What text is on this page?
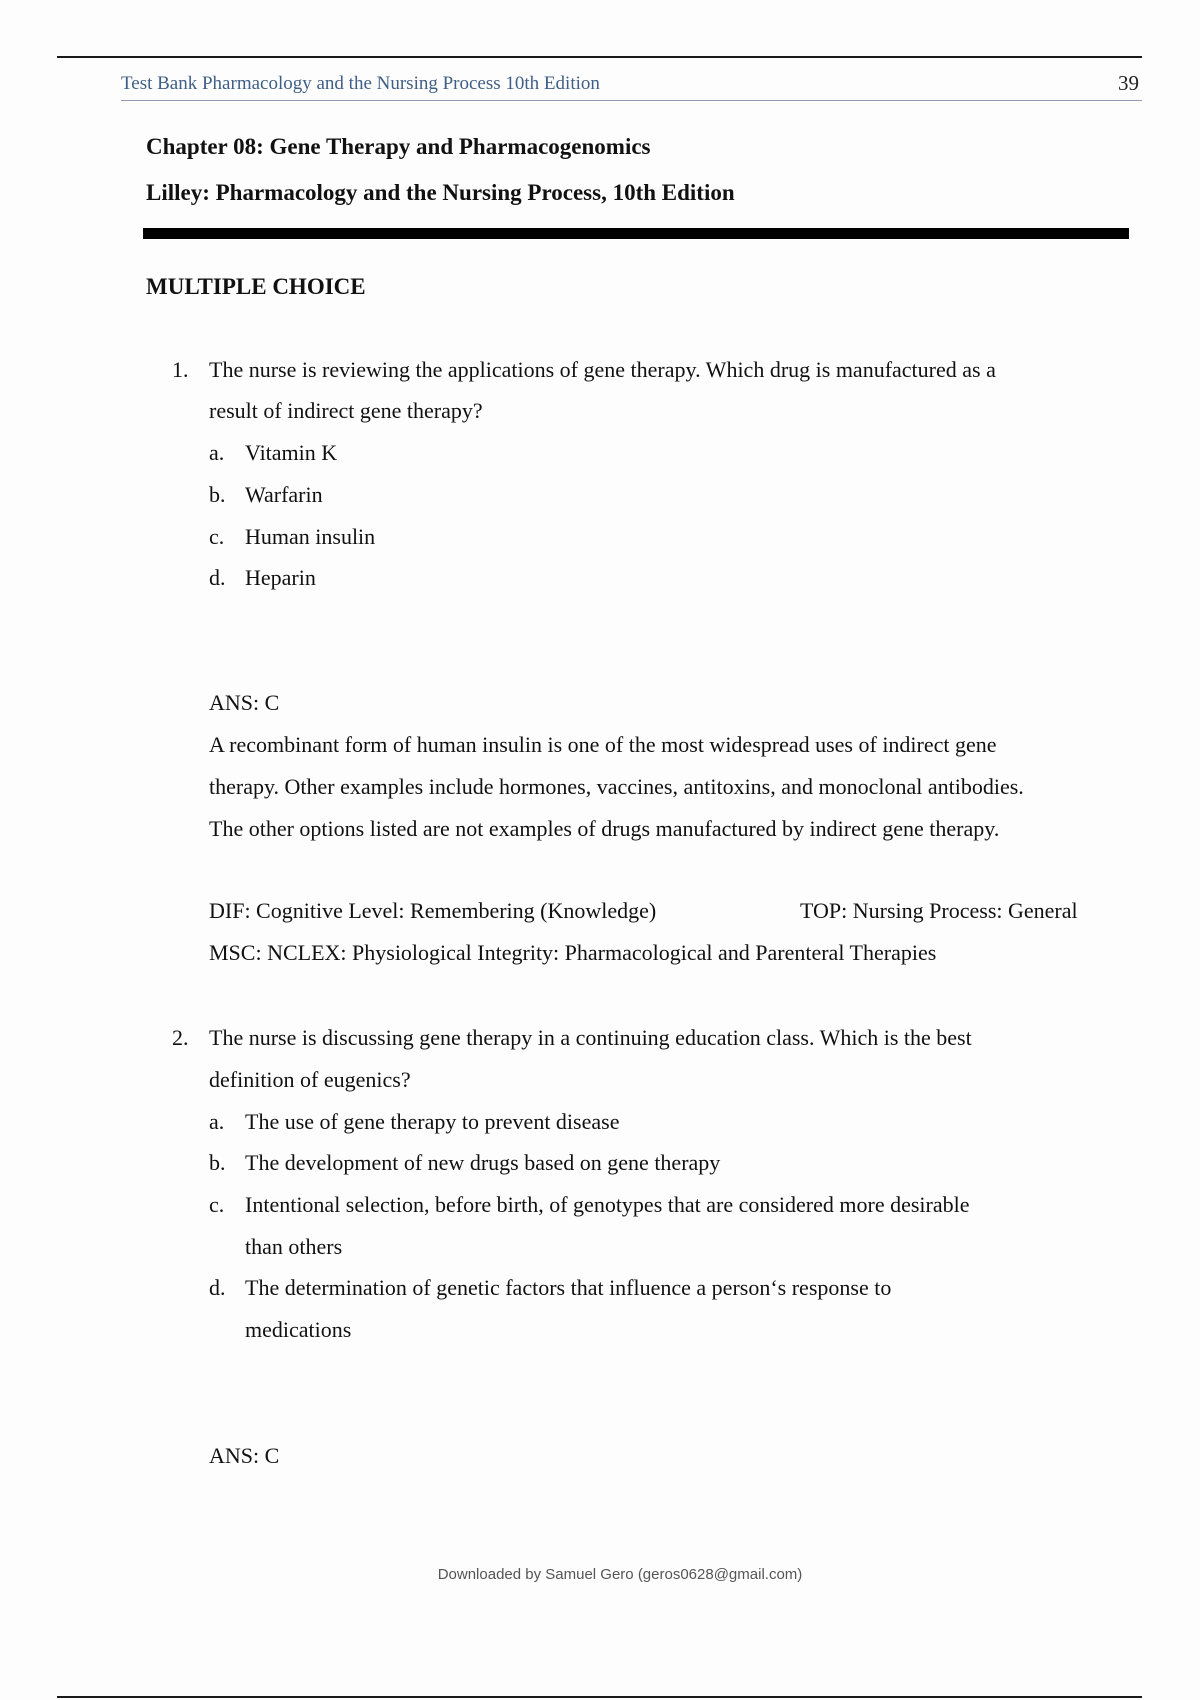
Test Bank Pharmacology and the Nursing Process 10th Edition	39
Chapter 08: Gene Therapy and Pharmacogenomics
Lilley: Pharmacology and the Nursing Process, 10th Edition
MULTIPLE CHOICE
1. The nurse is reviewing the applications of gene therapy. Which drug is manufactured as a
result of indirect gene therapy?
a. Vitamin K
b. Warfarin
c. Human insulin
d. Heparin
ANS: C
A recombinant form of human insulin is one of the most widespread uses of indirect gene
therapy. Other examples include hormones, vaccines, antitoxins, and monoclonal antibodies.
The other options listed are not examples of drugs manufactured by indirect gene therapy.
DIF: Cognitive Level: Remembering (Knowledge)	TOP: Nursing Process: General
MSC: NCLEX: Physiological Integrity: Pharmacological and Parenteral Therapies
2. The nurse is discussing gene therapy in a continuing education class. Which is the best
definition of eugenics?
a. The use of gene therapy to prevent disease
b. The development of new drugs based on gene therapy
c. Intentional selection, before birth, of genotypes that are considered more desirable
than others
d. The determination of genetic factors that influence a person‘s response to
medications
ANS: C
Downloaded by Samuel Gero (geros0628@gmail.com)
